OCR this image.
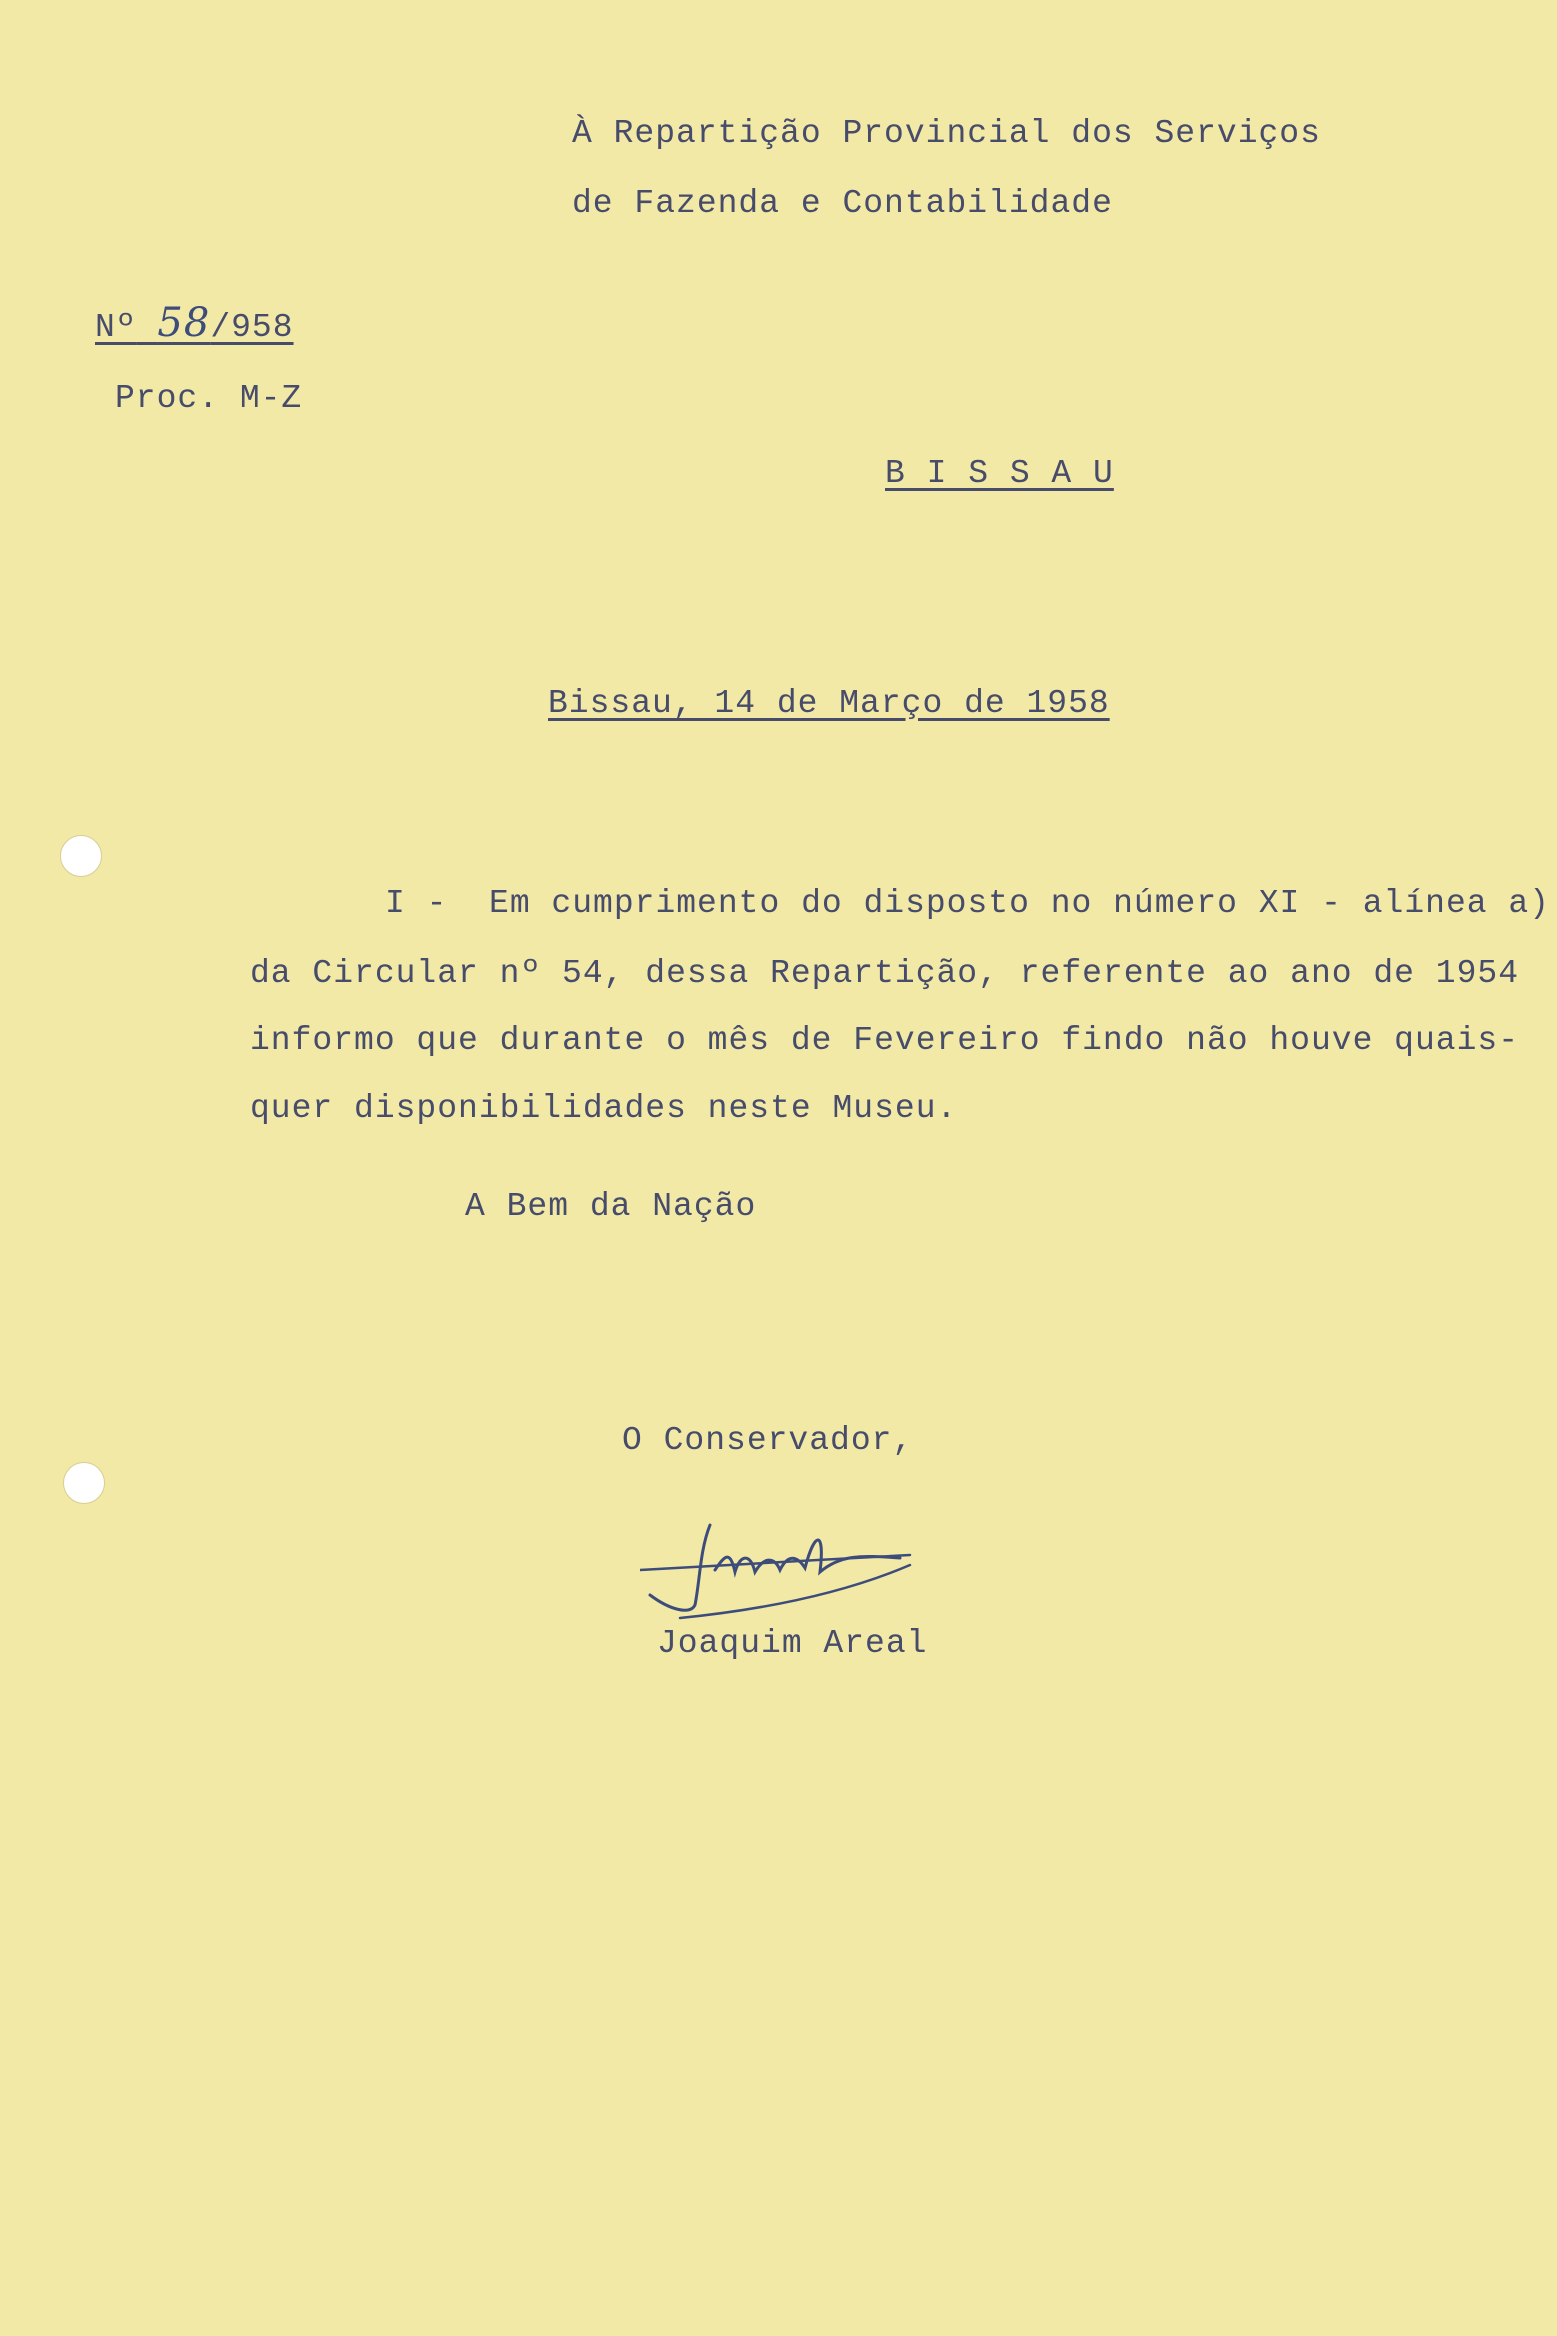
À Repartição Provincial dos Serviços
de Fazenda e Contabilidade
Nº 58/958
Proc. M-Z
B I S S A U
Bissau, 14 de Março de 1958
I -  Em cumprimento do disposto no número XI - alínea a)
da Circular nº 54, dessa Repartição, referente ao ano de 1954
informo que durante o mês de Fevereiro findo não houve quais-
quer disponibilidades neste Museu.
A Bem da Nação
O Conservador,
Joaquim Areal
